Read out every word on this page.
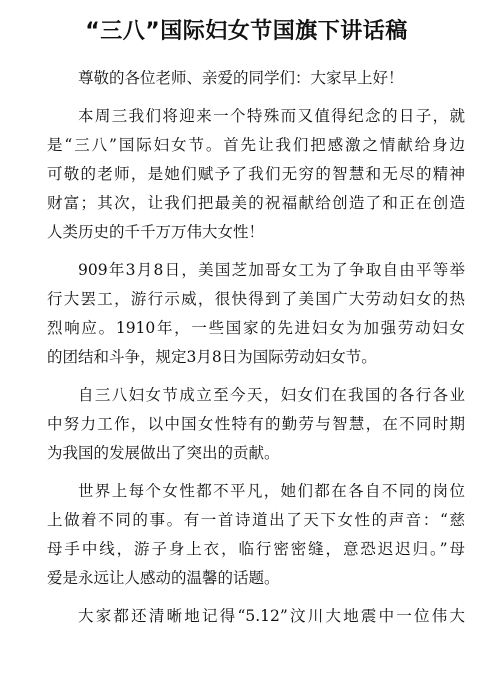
“三八”国际妇女节国旗下讲话稿
尊敬的各位老师、亲爱的同学们：大家早上好！
本周三我们将迎来一个特殊而又值得纪念的日子，就
是“三八”国际妇女节。首先让我们把感激之情献给身边
可敬的老师，是她们赋予了我们无穷的智慧和无尽的精神
财富；其次，让我们把最美的祝福献给创造了和正在创造
人类历史的千千万万伟大女性！
909年3月8日，美国芝加哥女工为了争取自由平等举
行大罢工，游行示威，很快得到了美国广大劳动妇女的热
烈响应。1910年，一些国家的先进妇女为加强劳动妇女
的团结和斗争，规定3月8日为国际劳动妇女节。
自三八妇女节成立至今天，妇女们在我国的各行各业
中努力工作，以中国女性特有的勤劳与智慧，在不同时期
为我国的发展做出了突出的贡献。
世界上每个女性都不平凡，她们都在各自不同的岗位
上做着不同的事。有一首诗道出了天下女性的声音：“慈
母手中线，游子身上衣，临行密密缝，意恐迟迟归。”母
爱是永远让人感动的温馨的话题。
大家都还清晰地记得“5.12”汶川大地震中一位伟大
